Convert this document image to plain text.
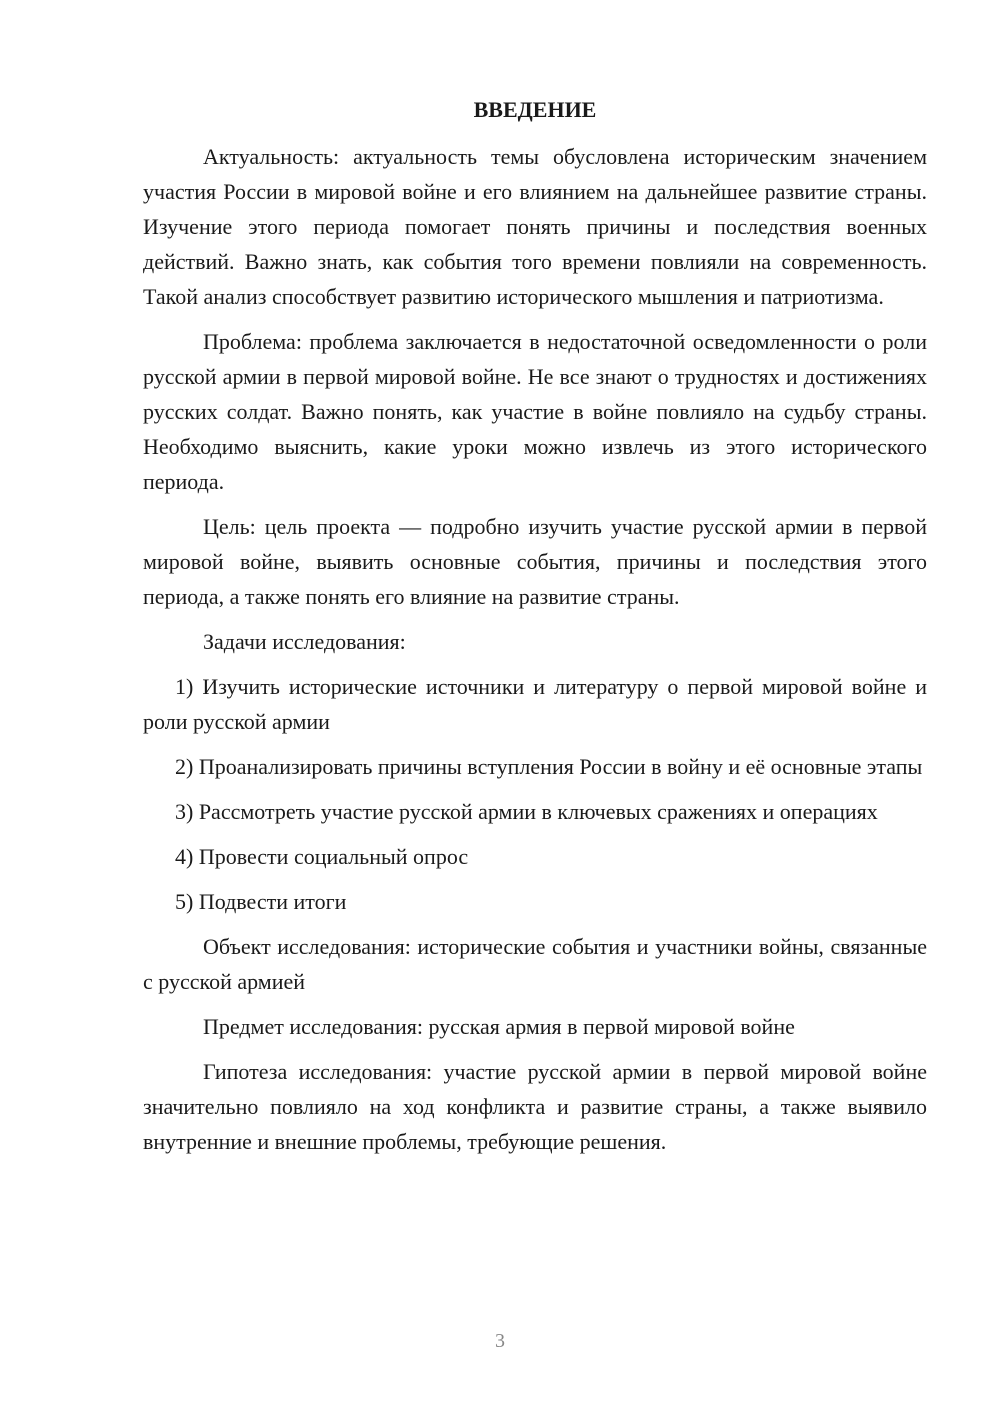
ВВЕДЕНИЕ

Актуальность: актуальность темы обусловлена историческим значением участия России в мировой войне и его влиянием на дальнейшее развитие страны. Изучение этого периода помогает понять причины и последствия военных действий. Важно знать, как события того времени повлияли на современность. Такой анализ способствует развитию исторического мышления и патриотизма.

Проблема: проблема заключается в недостаточной осведомленности о роли русской армии в первой мировой войне. Не все знают о трудностях и достижениях русских солдат. Важно понять, как участие в войне повлияло на судьбу страны. Необходимо выяснить, какие уроки можно извлечь из этого исторического периода.

Цель: цель проекта — подробно изучить участие русской армии в первой мировой войне, выявить основные события, причины и последствия этого периода, а также понять его влияние на развитие страны.

Задачи исследования:

1) Изучить исторические источники и литературу о первой мировой войне и роли русской армии

2) Проанализировать причины вступления России в войну и её основные этапы

3) Рассмотреть участие русской армии в ключевых сражениях и операциях

4) Провести социальный опрос

5) Подвести итоги

Объект исследования: исторические события и участники войны, связанные с русской армией

Предмет исследования: русская армия в первой мировой войне

Гипотеза исследования: участие русской армии в первой мировой войне значительно повлияло на ход конфликта и развитие страны, а также выявило внутренние и внешние проблемы, требующие решения.

3
